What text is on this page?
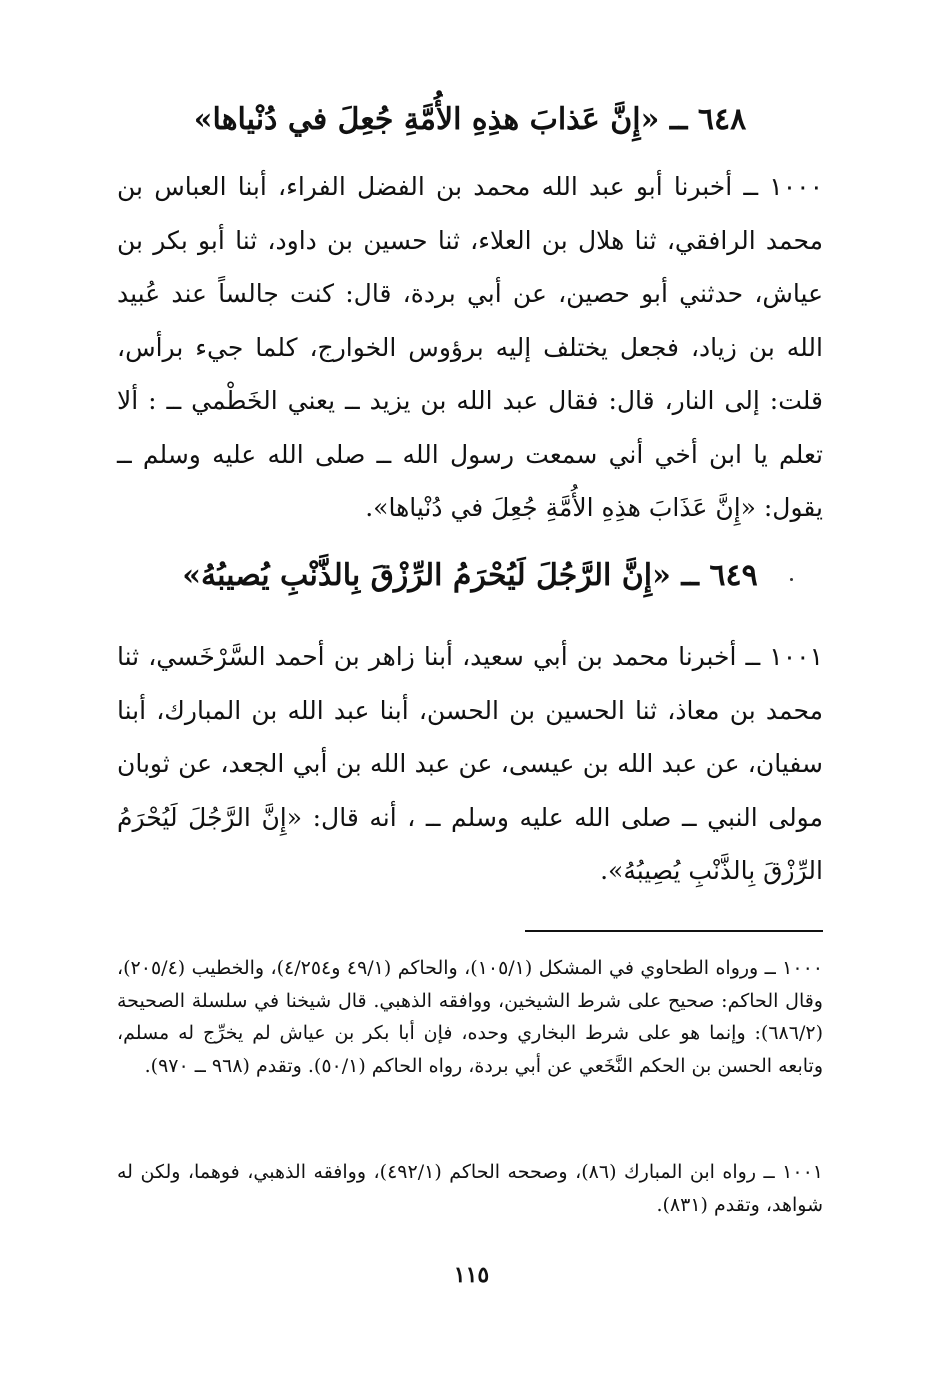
٦٤٨ ــ «إِنَّ عَذابَ هذِهِ الأُمَّةِ جُعِلَ في دُنْياها»
١٠٠٠ ــ أخبرنا أبو عبد الله محمد بن الفضل الفراء، أبنا العباس بن محمد الرافقي، ثنا هلال بن العلاء، ثنا حسين بن داود، ثنا أبو بكر بن عياش، حدثني أبو حصين، عن أبي بردة، قال: كنت جالساً عند عُبيد الله بن زياد، فجعل يختلف إليه برؤوس الخوارج، كلما جيء برأس، قلت: إلى النار، قال: فقال عبد الله بن يزيد ــ يعني الخَطْمي ــ : ألا تعلم يا ابن أخي أني سمعت رسول الله ــ صلى الله عليه وسلم ــ يقول: «إِنَّ عَذَابَ هذِهِ الأُمَّةِ جُعِلَ في دُنْياها».
٦٤٩ ــ «إِنَّ الرَّجُلَ لَيُحْرَمُ الرِّزْقَ بِالذَّنْبِ يُصيبُهُ»
١٠٠١ ــ أخبرنا محمد بن أبي سعيد، أبنا زاهر بن أحمد السَّرْخَسي، ثنا محمد بن معاذ، ثنا الحسين بن الحسن، أبنا عبد الله بن المبارك، أبنا سفيان، عن عبد الله بن عيسى، عن عبد الله بن أبي الجعد، عن ثوبان مولى النبي ــ صلى الله عليه وسلم ــ ، أنه قال: «إِنَّ الرَّجُلَ لَيُحْرَمُ الرِّزْقَ بِالذَّنْبِ يُصِيبُهُ».
١٠٠٠ ــ ورواه الطحاوي في المشكل (١٠٥/١)، والحاكم (٤٩/١ و٤/٢٥٤)، والخطيب (٢٠٥/٤)، وقال الحاكم: صحيح على شرط الشيخين، ووافقه الذهبي. قال شيخنا في سلسلة الصحيحة (٦٨٦/٢): وإنما هو على شرط البخاري وحده، فإن أبا بكر بن عياش لم يخرِّج له مسلم، وتابعه الحسن بن الحكم النَّخَعي عن أبي بردة، رواه الحاكم (٥٠/١). وتقدم (٩٦٨ ــ ٩٧٠).
١٠٠١ ــ رواه ابن المبارك (٨٦)، وصححه الحاكم (٤٩٢/١)، ووافقه الذهبي، فوهما، ولكن له شواهد، وتقدم (٨٣١).
١١٥
